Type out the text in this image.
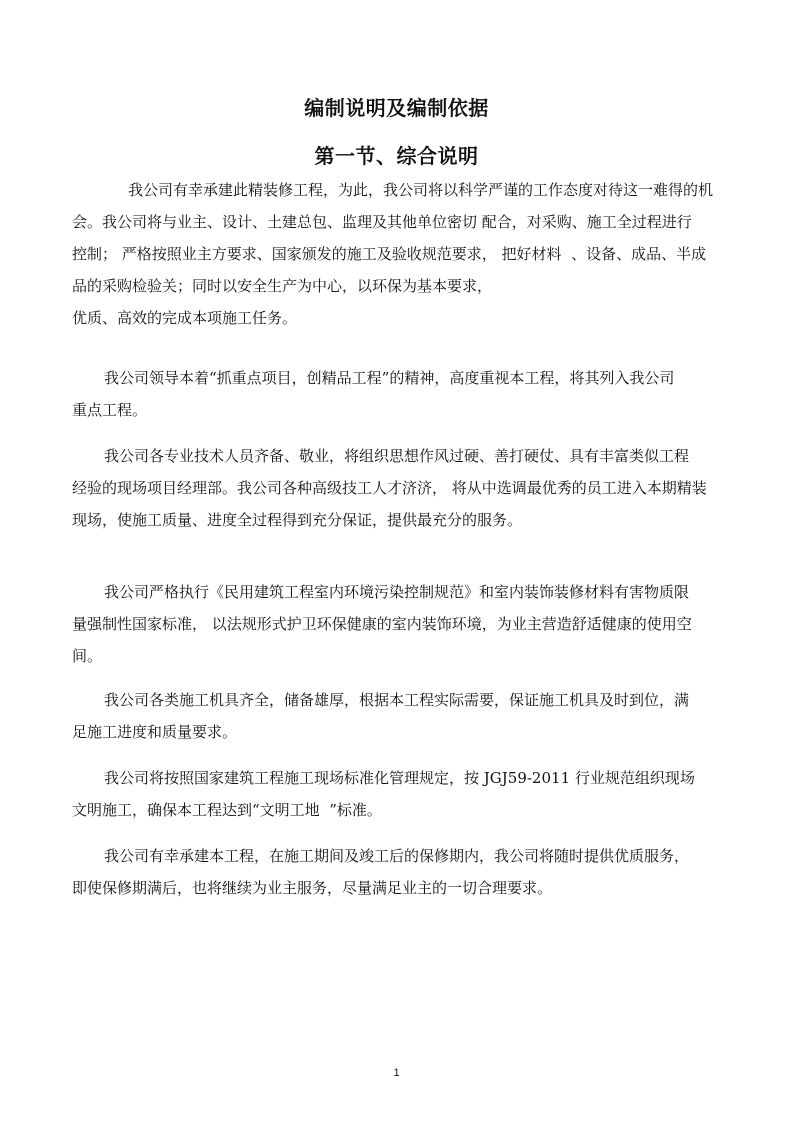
编制说明及编制依据
第一节、综合说明
我公司有幸承建此精装修工程，为此，我公司将以科学严谨的工作态度对待这一难得的机
会。我公司将与业主、设计、土建总包、监理及其他单位密切 配合，对采购、施工全过程进行
控制； 严格按照业主方要求、国家颁发的施工及验收规范要求， 把好材料  、设备、成品、半成
品的采购检验关；同时以安全生产为中心，以环保为基本要求，
优质、高效的完成本项施工任务。
我公司领导本着“抓重点项目，创精品工程”的精神，高度重视本工程，将其列入我公司
重点工程。
我公司各专业技术人员齐备、敬业，将组织思想作风过硬、善打硬仗、具有丰富类似工程
经验的现场项目经理部。我公司各种高级技工人才济济， 将从中选调最优秀的员工进入本期精装
现场，使施工质量、进度全过程得到充分保证，提供最充分的服务。
我公司严格执行《民用建筑工程室内环境污染控制规范》和室内装饰装修材料有害物质限
量强制性国家标准， 以法规形式护卫环保健康的室内装饰环境，为业主营造舒适健康的使用空
间。
我公司各类施工机具齐全，储备雄厚，根据本工程实际需要，保证施工机具及时到位，满
足施工进度和质量要求。
我公司将按照国家建筑工程施工现场标准化管理规定，按 JGJ59-2011 行业规范组织现场
文明施工，确保本工程达到“文明工地  ”标准。
我公司有幸承建本工程，在施工期间及竣工后的保修期内，我公司将随时提供优质服务，
即使保修期满后，也将继续为业主服务，尽量满足业主的一切合理要求。
1
